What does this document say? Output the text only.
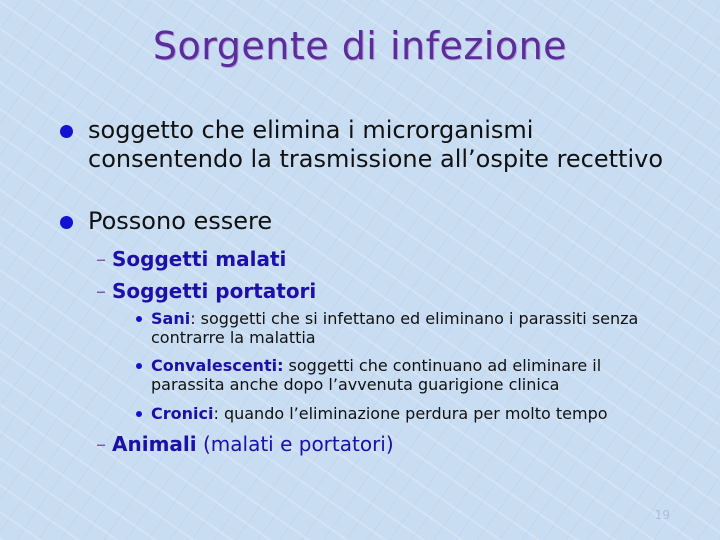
Sorgente di infezione
soggetto che elimina i microrganismi consentendo la trasmissione all’ospite recettivo
Possono essere
– Soggetti malati
– Soggetti portatori
Sani: soggetti che si infettano ed eliminano i parassiti senza contrarre la malattia
Convalescenti: soggetti che continuano ad eliminare il parassita anche dopo l’avvenuta guarigione clinica
Cronici: quando l’eliminazione perdura per molto tempo
– Animali (malati e portatori)
19
